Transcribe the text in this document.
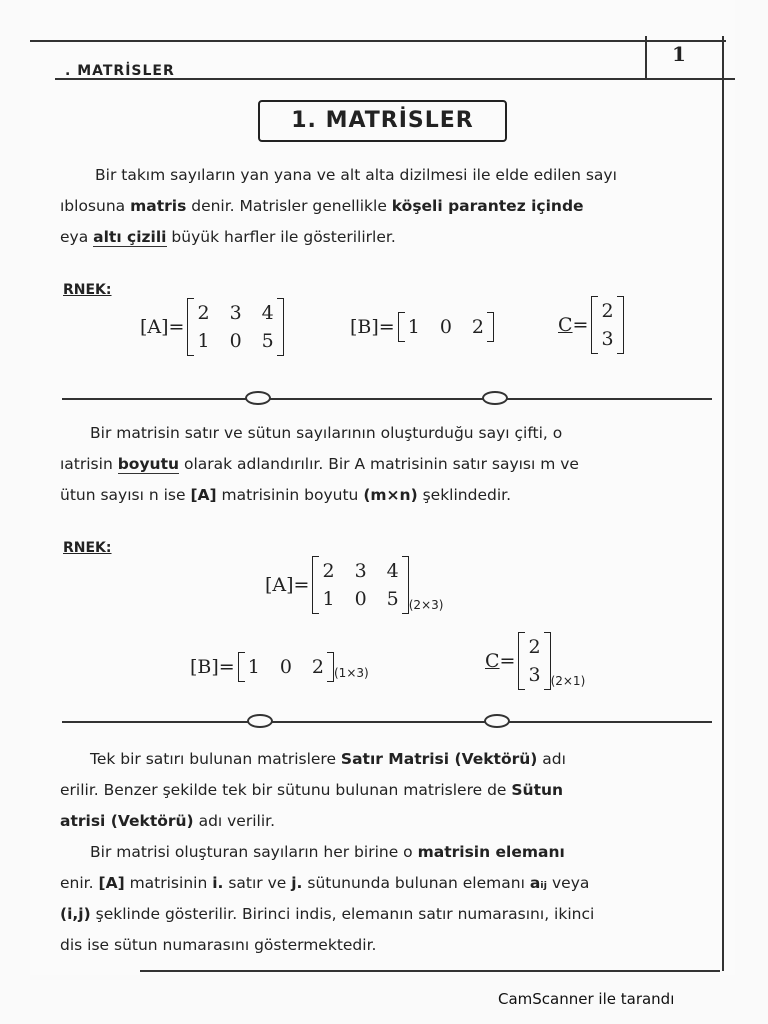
1
. MATRİSLER
1. MATRİSLER
Bir takım sayıların yan yana ve alt alta dizilmesi ile elde edilen sayı
ıblosuna matris denir. Matrisler genellikle köşeli parantez içinde
eya altı çizili büyük harfler ile gösterilirler.
RNEK:
[A] =
2 3 4
1 0 5
[B] = 1 0 2	C =
2
3
Bir matrisin satır ve sütun sayılarının oluşturduğu sayı çifti, o
ıatrisin boyutu olarak adlandırılır. Bir A matrisinin satır sayısı m ve
ütun sayısı n ise [A] matrisinin boyutu (m×n) şeklindedir.
RNEK:
[A] =
2 3 4
1 0 5 (2×3)
[B] = 1 0 2 (1×3)
C =
2
3 (2×1)
Tek bir satırı bulunan matrislere Satır Matrisi (Vektörü) adı
erilir. Benzer şekilde tek bir sütunu bulunan matrislere de Sütun
atrisi (Vektörü) adı verilir.
Bir matrisi oluşturan sayıların her birine o matrisin elemanı
enir. [A] matrisinin i. satır ve j. sütununda bulunan elemanı aᵢⱼ veya
(i,j) şeklinde gösterilir. Birinci indis, elemanın satır numarasını, ikinci
dis ise sütun numarasını göstermektedir.
CamScanner ile tarandı
